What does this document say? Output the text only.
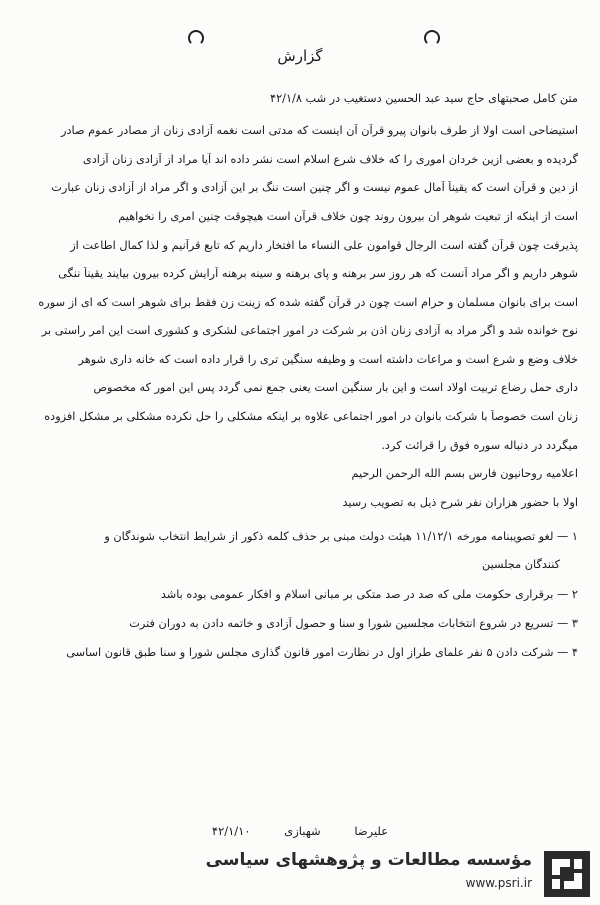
گزارش
متن کامل صحبتهای حاج سید عبد الحسین دستغیب در شب ۴۲/۱/۸
استیضاحی است اولا از طرف بانوان پیرو قرآن آن اینست که مدتی است نغمه آزادی زنان از مصادر عموم صادر
گردیده و بعضی ازین خردان اموری را که خلاف شرع اسلام است نشر داده اند آیا مراد از آزادی زنان آزادی
از دین و قرآن است که یقیناً آمال عموم نیست و اگر چنین است ننگ بر این آزادی و اگر مراد از آزادی زنان عبارت
است از اینکه از تبعیت شوهر ان بیرون روند چون خلاف قرآن است هیچوقت چنین امری را نخواهیم
پذیرفت چون قرآن گفته است الرجال قوامون علی النساء ما افتخار داریم که تابع قرآنیم و لذا کمال اطاعت از
شوهر داریم و اگر مراد آنست که هر روز سر برهنه و پای برهنه و سینه برهنه آرایش کرده بیرون بیایند یقیناً ننگی
است برای بانوان مسلمان و حرام است چون در قرآن گفته شده که زینت زن فقط برای شوهر است که ای از سوره
نوح خوانده شد و اگر مراد به آزادی زنان اذن بر شرکت در امور اجتماعی لشکری و کشوری است این امر راستی بر
خلاف وضع و شرع است و مراعات داشته است و وظیفه سنگین تری را قرار داده است که خانه داری شوهر
داری حمل رضاع تربیت اولاد است و این بار سنگین است یعنی جمع نمی گردد پس این امور که مخصوص
زنان است خصوصاً با شرکت بانوان در امور اجتماعی علاوه بر اینکه مشکلی را حل نکرده مشکلی بر مشکل افزوده
میگردد در دنباله سوره فوق را قرائت کرد.
اعلامیه روحانیون فارس بسم الله الرحمن الرحیم
اولا با حضور هزاران نفر شرح ذیل به تصویب رسید
۱ — لغو تصویبنامه مورخه ۱۱/۱۲/۱ هیئت دولت مبنی بر حذف کلمه ذکور از شرایط انتخاب شوندگان و
کنندگان مجلسین
۲ — برقراری حکومت ملی که صد در صد متکی بر مبانی اسلام و افکار عمومی بوده باشد
۳ — تسریع در شروع انتخابات مجلسین شورا و سنا و حصول آزادی و خاتمه دادن به دوران فترت
۴ — شرکت دادن ۵ نفر علمای طراز اول در نظارت امور قانون گذاری مجلس شورا و سنا طبق قانون اساسی
علیرضا شهبازی ۴۲/۱/۱۰
مؤسسه مطالعات و پژوهشهای سیاسی
www.psri.ir
